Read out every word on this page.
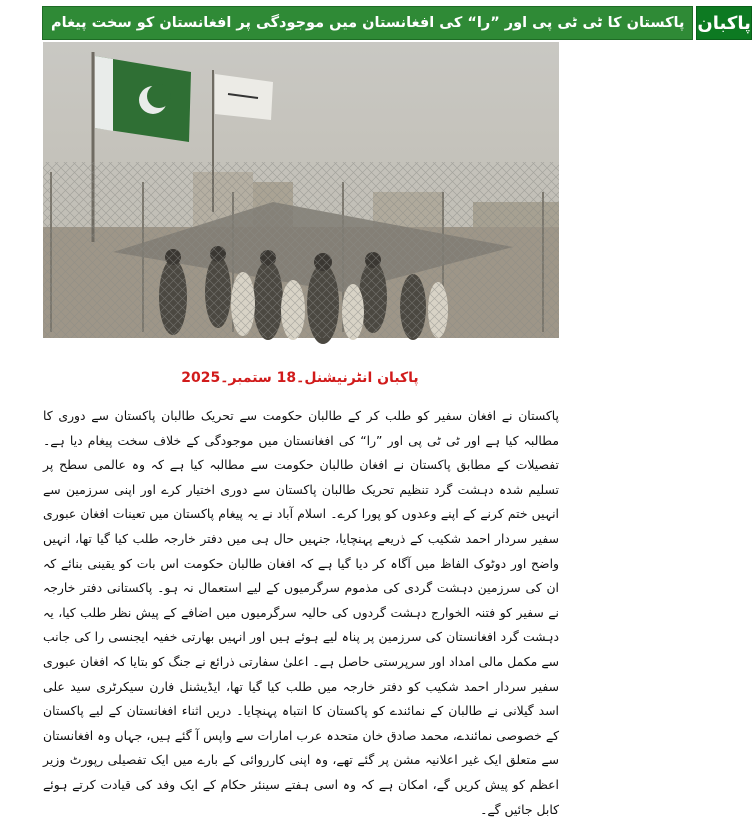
پاکستان کا ٹی ٹی پی اور ”را“ کی افغانستان میں موجودگی پر افغانستان کو سخت پیغام پاکبان
پاکبان انٹرنیشنل۔18 ستمبر۔2025
پاکستان نے افغان سفیر کو طلب کر کے طالبان حکومت سے تحریک طالبان پاکستان سے دوری کا مطالبہ کیا ہے اور ٹی ٹی پی اور ”را“ کی افغانستان میں موجودگی کے خلاف سخت پیغام دیا ہے۔ تفصیلات کے مطابق پاکستان نے افغان طالبان حکومت سے مطالبہ کیا ہے کہ وہ عالمی سطح پر تسلیم شدہ دہشت گرد تنظیم تحریک طالبان پاکستان سے دوری اختیار کرے اور اپنی سرزمین سے انہیں ختم کرنے کے اپنے وعدوں کو پورا کرے۔ اسلام آباد نے یہ پیغام پاکستان میں تعینات افغان عبوری سفیر سردار احمد شکیب کے ذریعے پہنچایا، جنہیں حال ہی میں دفتر خارجہ طلب کیا گیا تھا، انہیں واضح اور دوٹوک الفاظ میں آگاہ کر دیا گیا ہے کہ افغان طالبان حکومت اس بات کو یقینی بنائے کہ ان کی سرزمین دہشت گردی کی مذموم سرگرمیوں کے لیے استعمال نہ ہو۔ پاکستانی دفتر خارجہ نے سفیر کو فتنہ الخوارج دہشت گردوں کی حالیہ سرگرمیوں میں اضافے کے پیش نظر طلب کیا، یہ دہشت گرد افغانستان کی سرزمین پر پناہ لیے ہوئے ہیں اور انہیں بھارتی خفیہ ایجنسی را کی جانب سے مکمل مالی امداد اور سرپرستی حاصل ہے۔ اعلیٰ سفارتی ذرائع نے جنگ کو بتایا کہ افغان عبوری سفیر سردار احمد شکیب کو دفتر خارجہ میں طلب کیا گیا تھا، ایڈیشنل فارن سیکرٹری سید علی اسد گیلانی نے طالبان کے نمائندے کو پاکستان کا انتباہ پہنچایا۔ دریں اثناء افغانستان کے لیے پاکستان کے خصوصی نمائندے، محمد صادق خان متحدہ عرب امارات سے واپس آ گئے ہیں، جہاں وہ افغانستان سے متعلق ایک غیر اعلانیہ مشن پر گئے تھے، وہ اپنی کارروائی کے بارے میں ایک تفصیلی رپورٹ وزیر اعظم کو پیش کریں گے، امکان ہے کہ وہ اسی ہفتے سینئر حکام کے ایک وفد کی قیادت کرتے ہوئے کابل جائیں گے۔
